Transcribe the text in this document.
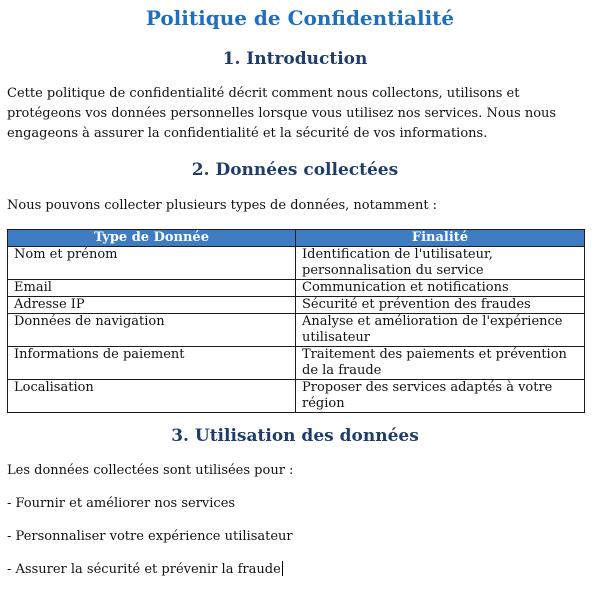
Politique de Confidentialité
1. Introduction

Cette politique de confidentialité décrit comment nous collectons, utilisons et protégeons vos données personnelles lorsque vous utilisez nos services. Nous nous engageons à assurer la confidentialité et la sécurité de vos informations.

2. Données collectées

Nous pouvons collecter plusieurs types de données, notamment :

Type de Donnée	Finalité
Nom et prénom	Identification de l'utilisateur, personnalisation du service
Email	Communication et notifications
Adresse IP	Sécurité et prévention des fraudes
Données de navigation	Analyse et amélioration de l'expérience utilisateur
Informations de paiement	Traitement des paiements et prévention de la fraude
Localisation	Proposer des services adaptés à votre région
3. Utilisation des données

Les données collectées sont utilisées pour :

- Fournir et améliorer nos services

- Personnaliser votre expérience utilisateur

- Assurer la sécurité et prévenir la fraude
